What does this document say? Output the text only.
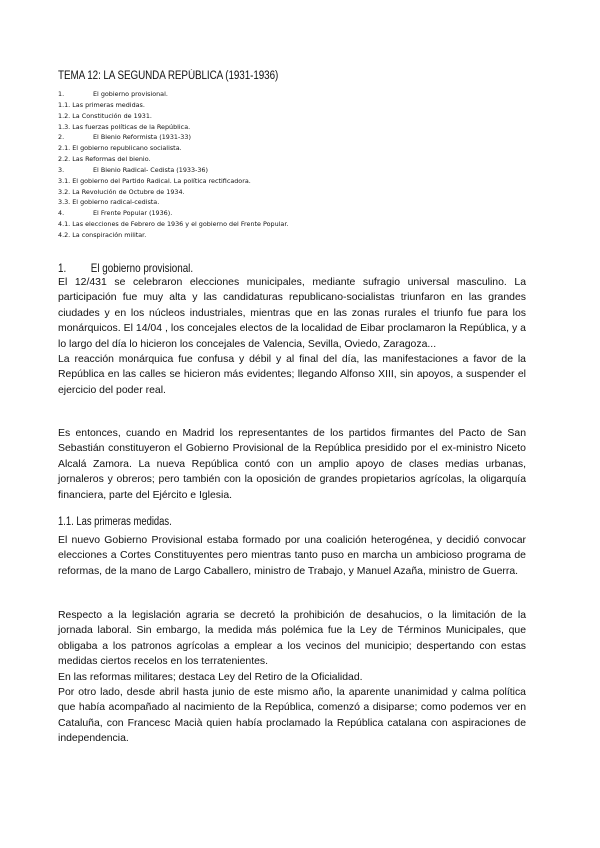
TEMA 12: LA SEGUNDA REPÚBLICA (1931-1936)
1.	El gobierno provisional.
1.1. Las primeras medidas.
1.2. La Constitución de 1931.
1.3. Las fuerzas políticas de la República.
2.	El Bienio Reformista (1931-33)
2.1. El gobierno republicano socialista.
2.2. Las Reformas del bienio.
3.	El Bienio Radical- Cedista (1933-36)
3.1. El gobierno del Partido Radical. La política rectificadora.
3.2. La Revolución de Octubre de 1934.
3.3. El gobierno radical-cedista.
4.	El Frente Popular (1936).
4.1. Las elecciones de Febrero de 1936 y el gobierno del Frente Popular.
4.2. La conspiración militar.
1. El gobierno provisional.

El 12/431 se celebraron elecciones municipales, mediante sufragio universal masculino. La participación fue muy alta y las candidaturas republicano-socialistas triunfaron en las grandes ciudades y en los núcleos industriales, mientras que en las zonas rurales el triunfo fue para los monárquicos. El 14/04 , los concejales electos de la localidad de Eibar proclamaron la República, y a lo largo del día lo hicieron los concejales de Valencia, Sevilla, Oviedo, Zaragoza...

La reacción monárquica fue confusa y débil y al final del día, las manifestaciones a favor de la República en las calles se hicieron más evidentes; llegando Alfonso XIII, sin apoyos, a suspender el ejercicio del poder real.

Es entonces, cuando en Madrid los representantes de los partidos firmantes del Pacto de San Sebastián constituyeron el Gobierno Provisional de la República presidido por el ex-ministro Niceto Alcalá Zamora. La nueva República contó con un amplio apoyo de clases medias urbanas, jornaleros y obreros; pero también con la oposición de grandes propietarios agrícolas, la oligarquía financiera, parte del Ejército e Iglesia.

1.1. Las primeras medidas.

El nuevo Gobierno Provisional estaba formado por una coalición heterogénea, y decidió convocar elecciones a Cortes Constituyentes pero mientras tanto puso en marcha un ambicioso programa de reformas, de la mano de Largo Caballero, ministro de Trabajo, y Manuel Azaña, ministro de Guerra.

Respecto a la legislación agraria se decretó la prohibición de desahucios, o la limitación de la jornada laboral. Sin embargo, la medida más polémica fue la Ley de Términos Municipales, que obligaba a los patronos agrícolas a emplear a los vecinos del municipio; despertando con estas medidas ciertos recelos en los terratenientes.

En las reformas militares; destaca Ley del Retiro de la Oficialidad.

Por otro lado, desde abril hasta junio de este mismo año, la aparente unanimidad y calma política que había acompañado al nacimiento de la República, comenzó a disiparse; como podemos ver en Cataluña, con Francesc Macià quien había proclamado la República catalana con aspiraciones de independencia.
